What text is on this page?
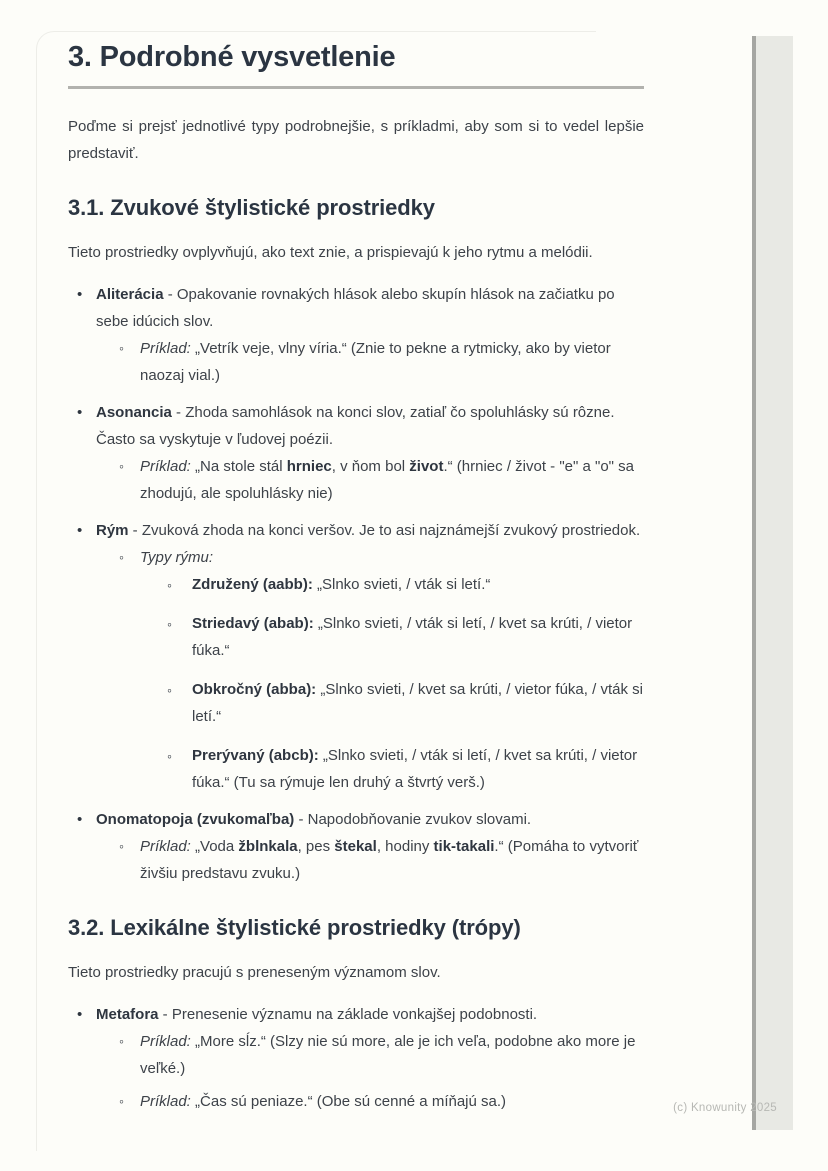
3. Podrobné vysvetlenie

Poďme si prejsť jednotlivé typy podrobnejšie, s príkladmi, aby som si to vedel lepšie predstaviť.

3.1. Zvukové štylistické prostriedky

Tieto prostriedky ovplyvňujú, ako text znie, a prispievajú k jeho rytmu a melódii.

• Aliterácia - Opakovanie rovnakých hlások alebo skupín hlások na začiatku po sebe idúcich slov.
◦ Príklad: „Vetrík veje, vlny víria.“ (Znie to pekne a rytmicky, ako by vietor naozaj vial.)
• Asonancia - Zhoda samohlások na konci slov, zatiaľ čo spoluhlásky sú rôzne. Často sa vyskytuje v ľudovej poézii.
◦ Príklad: „Na stole stál hrniec, v ňom bol život.“ (hrniec / život - "e" a "o" sa zhodujú, ale spoluhlásky nie)
• Rým - Zvuková zhoda na konci veršov. Je to asi najznámejší zvukový prostriedok.
◦ Typy rýmu:
◦ Združený (aabb): „Slnko svieti, / vták si letí.“
◦ Striedavý (abab): „Slnko svieti, / vták si letí, / kvet sa krúti, / vietor fúka.“
◦ Obkročný (abba): „Slnko svieti, / kvet sa krúti, / vietor fúka, / vták si letí.“
◦ Prerývaný (abcb): „Slnko svieti, / vták si letí, / kvet sa krúti, / vietor fúka.“ (Tu sa rýmuje len druhý a štvrtý verš.)
• Onomatopoja (zvukomaľba) - Napodobňovanie zvukov slovami.
◦ Príklad: „Voda žblnkala, pes štekal, hodiny tik-takali.“ (Pomáha to vytvoriť živšiu predstavu zvuku.)
3.2. Lexikálne štylistické prostriedky (trópy)

Tieto prostriedky pracujú s preneseným významom slov.

• Metafora - Prenesenie významu na základe vonkajšej podobnosti.
◦ Príklad: „More sĺz.“ (Slzy nie sú more, ale je ich veľa, podobne ako more je veľké.)
◦ Príklad: „Čas sú peniaze.“ (Obe sú cenné a míňajú sa.)	(c) Knowunity 2025
